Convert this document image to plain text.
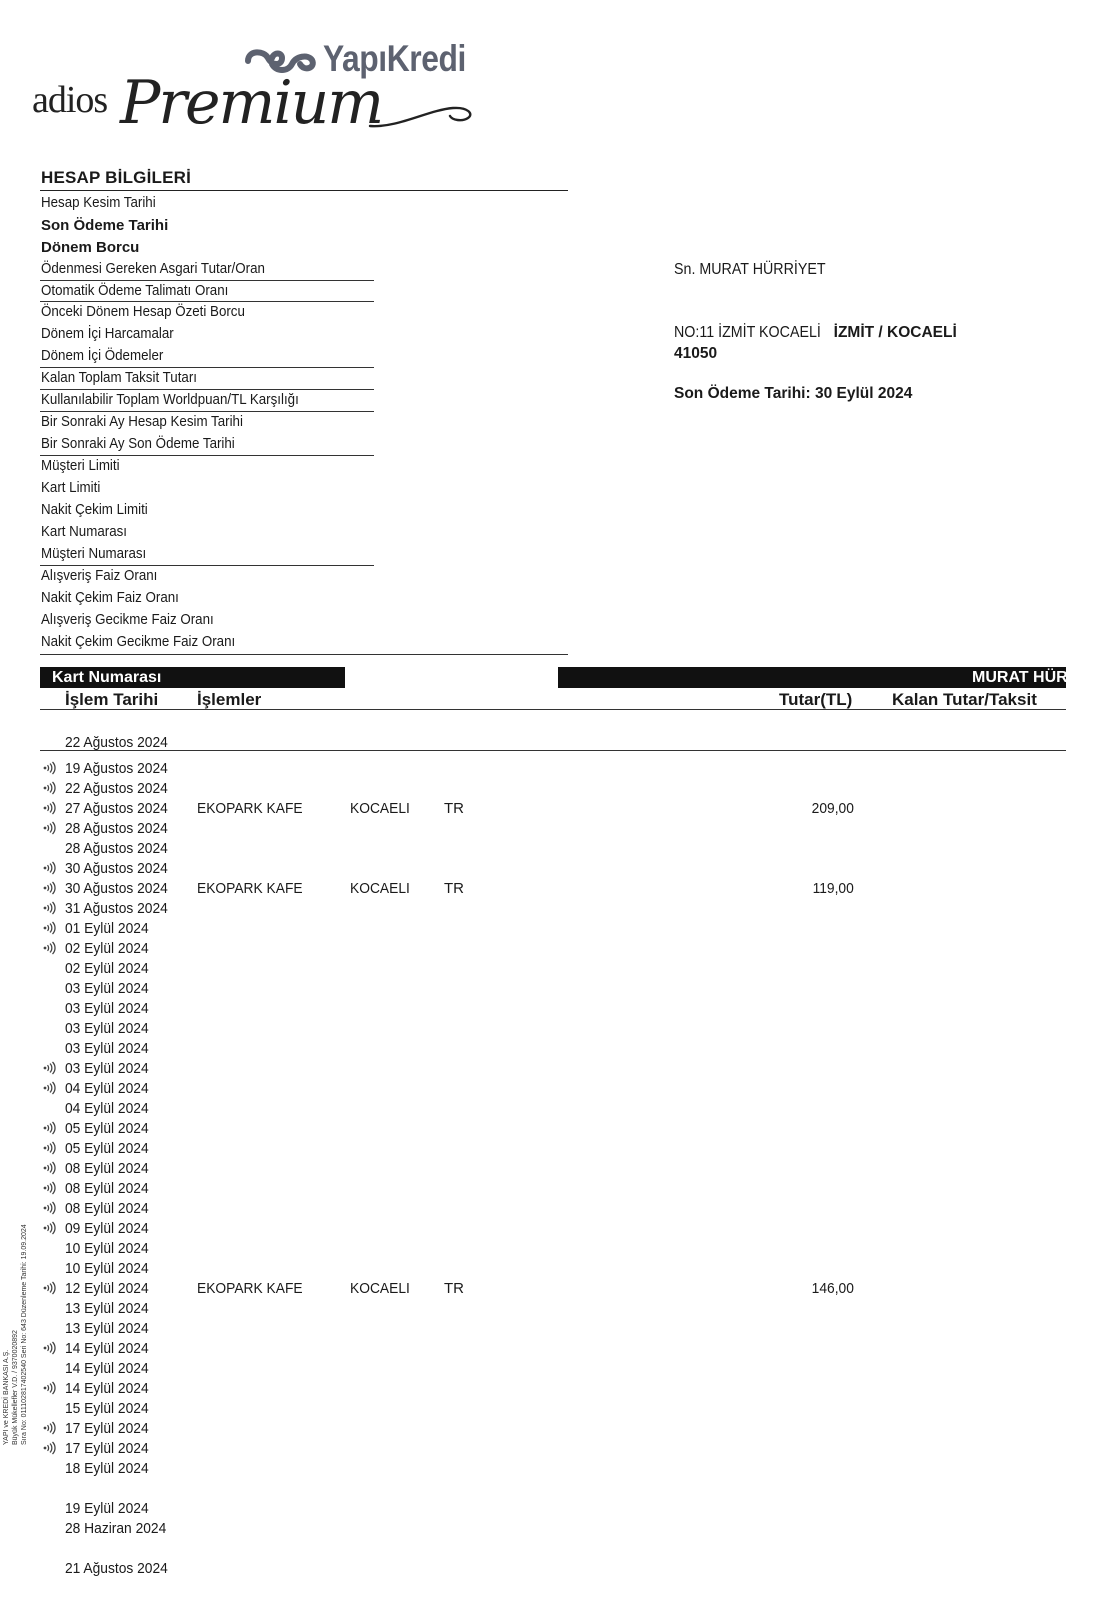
YapıKredi
adios Premium
HESAP BİLGİLERİ
Hesap Kesim Tarihi
Son Ödeme Tarihi
Dönem Borcu
Ödenmesi Gereken Asgari Tutar/Oran
Otomatik Ödeme Talimatı Oranı
Önceki Dönem Hesap Özeti Borcu
Dönem İçi Harcamalar
Dönem İçi Ödemeler
Kalan Toplam Taksit Tutarı
Kullanılabilir Toplam Worldpuan/TL Karşılığı
Bir Sonraki Ay Hesap Kesim Tarihi
Bir Sonraki Ay Son Ödeme Tarihi
Müşteri Limiti
Kart Limiti
Nakit Çekim Limiti
Kart Numarası
Müşteri Numarası
Alışveriş Faiz Oranı
Nakit Çekim Faiz Oranı
Alışveriş Gecikme Faiz Oranı
Nakit Çekim Gecikme Faiz Oranı
Sn. MURAT HÜRRİYET
NO:11 İZMİT KOCAELİİZMİT / KOCAELİ
41050
Son Ödeme Tarihi: 30 Eylül 2024
Kart Numarası	MURAT HÜRRİYET
İşlem Tarihi İşlemler	Tutar(TL) Kalan Tutar/Taksit
22 Ağustos 2024
19 Ağustos 2024
22 Ağustos 2024
27 Ağustos 2024 EKOPARK KAFE	KOCAELI TR	209,00
28 Ağustos 2024
28 Ağustos 2024
30 Ağustos 2024
30 Ağustos 2024 EKOPARK KAFE	KOCAELI TR	119,00
31 Ağustos 2024
01 Eylül 2024
02 Eylül 2024
02 Eylül 2024
03 Eylül 2024
03 Eylül 2024
03 Eylül 2024
03 Eylül 2024
03 Eylül 2024
04 Eylül 2024
04 Eylül 2024
05 Eylül 2024
05 Eylül 2024
08 Eylül 2024
08 Eylül 2024
08 Eylül 2024
09 Eylül 2024
10 Eylül 2024
10 Eylül 2024
12 Eylül 2024	EKOPARK KAFE	KOCAELI TR	146,00
13 Eylül 2024
13 Eylül 2024
14 Eylül 2024
14 Eylül 2024
14 Eylül 2024
15 Eylül 2024
17 Eylül 2024
17 Eylül 2024
18 Eylül 2024
19 Eylül 2024
28 Haziran 2024
21 Ağustos 2024
YAPI ve KREDİ BANKASI A.Ş. Büyük Mükellefler V.D. / 9370020892 Sıra No: 011102817402540 Seri No: 643 Düzenleme Tarihi: 19.09.2024
